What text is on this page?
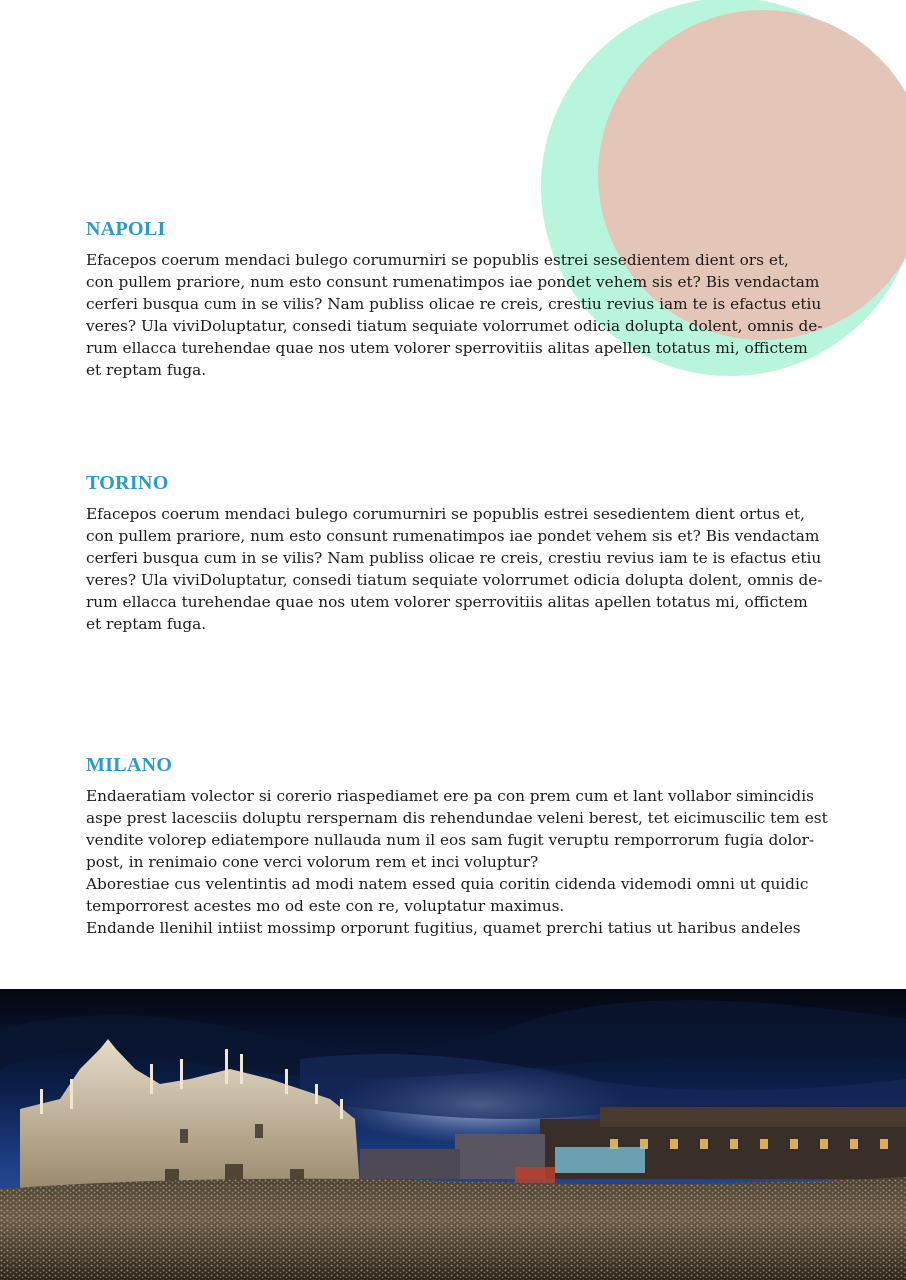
NAPOLI

Efacepos coerum mendaci bulego corumurniri se popublis estrei sesedientem dient ors et,
con pullem prariore, num esto consunt rumenatimpos iae pondet vehem sis et? Bis vendactam
cerferi busqua cum in se vilis? Nam publiss olicae re creis, crestiu revius iam te is efactus etiu
veres? Ula viviDoluptatur, consedi tiatum sequiate volorrumet odicia dolupta dolent, omnis de-
rum ellacca turehendae quae nos utem volorer sperrovitiis alitas apellen totatus mi, offictem
et reptam fuga.

TORINO

Efacepos coerum mendaci bulego corumurniri se popublis estrei sesedientem dient ortus et,
con pullem prariore, num esto consunt rumenatimpos iae pondet vehem sis et? Bis vendactam
cerferi busqua cum in se vilis? Nam publiss olicae re creis, crestiu revius iam te is efactus etiu
veres? Ula viviDoluptatur, consedi tiatum sequiate volorrumet odicia dolupta dolent, omnis de-
rum ellacca turehendae quae nos utem volorer sperrovitiis alitas apellen totatus mi, offictem
et reptam fuga.

MILANO

Endaeratiam volector si corerio riaspediamet ere pa con prem cum et lant vollabor simincidis
aspe prest lacesciis doluptu rerspernam dis rehendundae veleni berest, tet eicimuscilic tem est
vendite volorep ediatempore nullauda num il eos sam fugit veruptu remporrorum fugia dolor-
post, in renimaio cone verci volorum rem et inci voluptur?
Aborestiae cus velentintis ad modi natem essed quia coritin cidenda videmodi omni ut quidic
temporrorest acestes mo od este con re, voluptatur maximus.
Endande llenihil intiist mossimp orporunt fugitius, quamet prerchi tatius ut haribus andeles
